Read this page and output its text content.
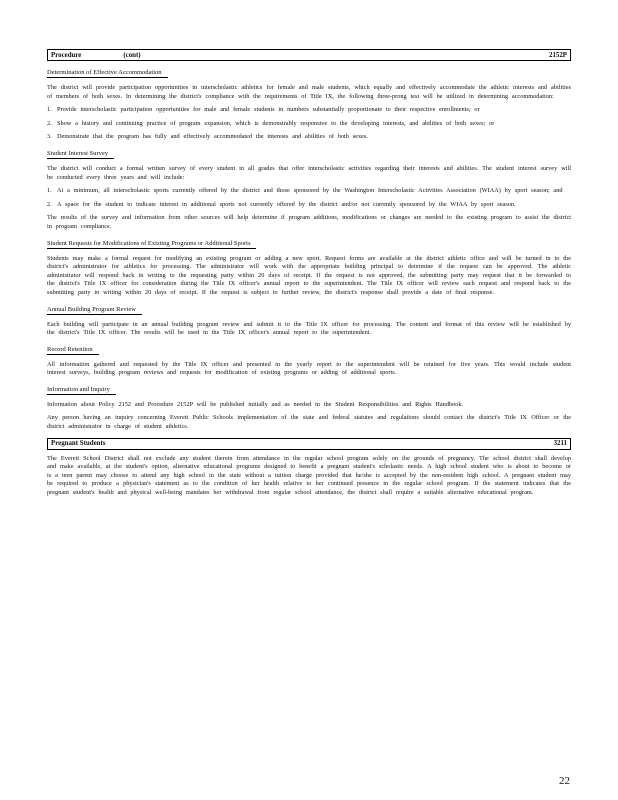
Procedure	(cont)	2152P
Determination of Effective Accommodation

The district will provide participation opportunities in interscholastic athletics for female and male students, which equally and effectively accommodate the athletic interests and abilities of members of both sexes. In determining the district's compliance with the requirements of Title IX, the following three-prong test will be utilized in determining accommodation:

1. Provide interscholastic participation opportunities for male and female students in numbers substantially proportionate to their respective enrollments; or
2. Show a history and continuing practice of program expansion, which is demonstrably responsive to the developing interests, and abilities of both sexes; or
3. Demonstrate that the program has fully and effectively accommodated the interests and abilities of both sexes.
Student Interest Survey

The district will conduct a formal written survey of every student in all grades that offer interscholastic activities regarding their interests and abilities. The student interest survey will be conducted every three years and will include:

1. At a minimum, all interscholastic sports currently offered by the district and those sponsored by the Washington Interscholastic Activities Association (WIAA) by sport season; and
2. A space for the student to indicate interest in additional sports not currently offered by the district and/or not currently sponsored by the WIAA by sport season.

The results of the survey and information from other sources will help determine if program additions, modifications or changes are needed to the existing program to assist the district in program compliance.

Student Requests for Modifications of Existing Programs or Additional Sports

Students may make a formal request for modifying an existing program or adding a new sport. Request forms are available at the district athletic office and will be turned in to the district's administrator for athletics for processing. The administrator will work with the appropriate building principal to determine if the request can be approved. The athletic administrator will respond back in writing to the requesting party within 20 days of receipt. If the request is not approved, the submitting party may request that it be forwarded to the district's Title IX officer for consideration during the Title IX officer's annual report to the superintendent. The Title IX officer will review each request and respond back to the submitting party in writing within 20 days of receipt. If the request is subject to further review, the district's response shall provide a date of final response.

Annual Building Program Review

Each building will participate in an annual building program review and submit it to the Title IX officer for processing. The content and format of this review will be established by the district's Title IX officer. The results will be used in the Title IX officer's annual report to the superintendent.

Record Retention

All information gathered and requested by the Title IX officer and presented in the yearly report to the superintendent will be retained for five years. This would include student interest surveys, building program reviews and requests for modification of existing programs or adding of additional sports.

Information and Inquiry

Information about Policy 2152 and Procedure 2152P will be published initially and as needed in the Student Responsibilities and Rights Handbook.

Any person having an inquiry concerning Everett Public Schools implementation of the state and federal statutes and regulations should contact the district's Title IX Officer or the district administrator in charge of student athletics.

Pregnant Students	3211

The Everett School District shall not exclude any student therein from attendance in the regular school program solely on the grounds of pregnancy. The school district shall develop and make available, at the student's option, alternative educational programs designed to benefit a pregnant student's scholastic needs. A high school student who is about to become or is a teen parent may choose to attend any high school in the state without a tuition charge provided that he/she is accepted by the non-resident high school. A pregnant student may be required to produce a physician's statement as to the condition of her health relative to her continued presence in the regular school program. If the statement indicates that the pregnant student's health and physical well-being mandates her withdrawal from regular school attendance, the district shall require a suitable alternative educational program.

22
